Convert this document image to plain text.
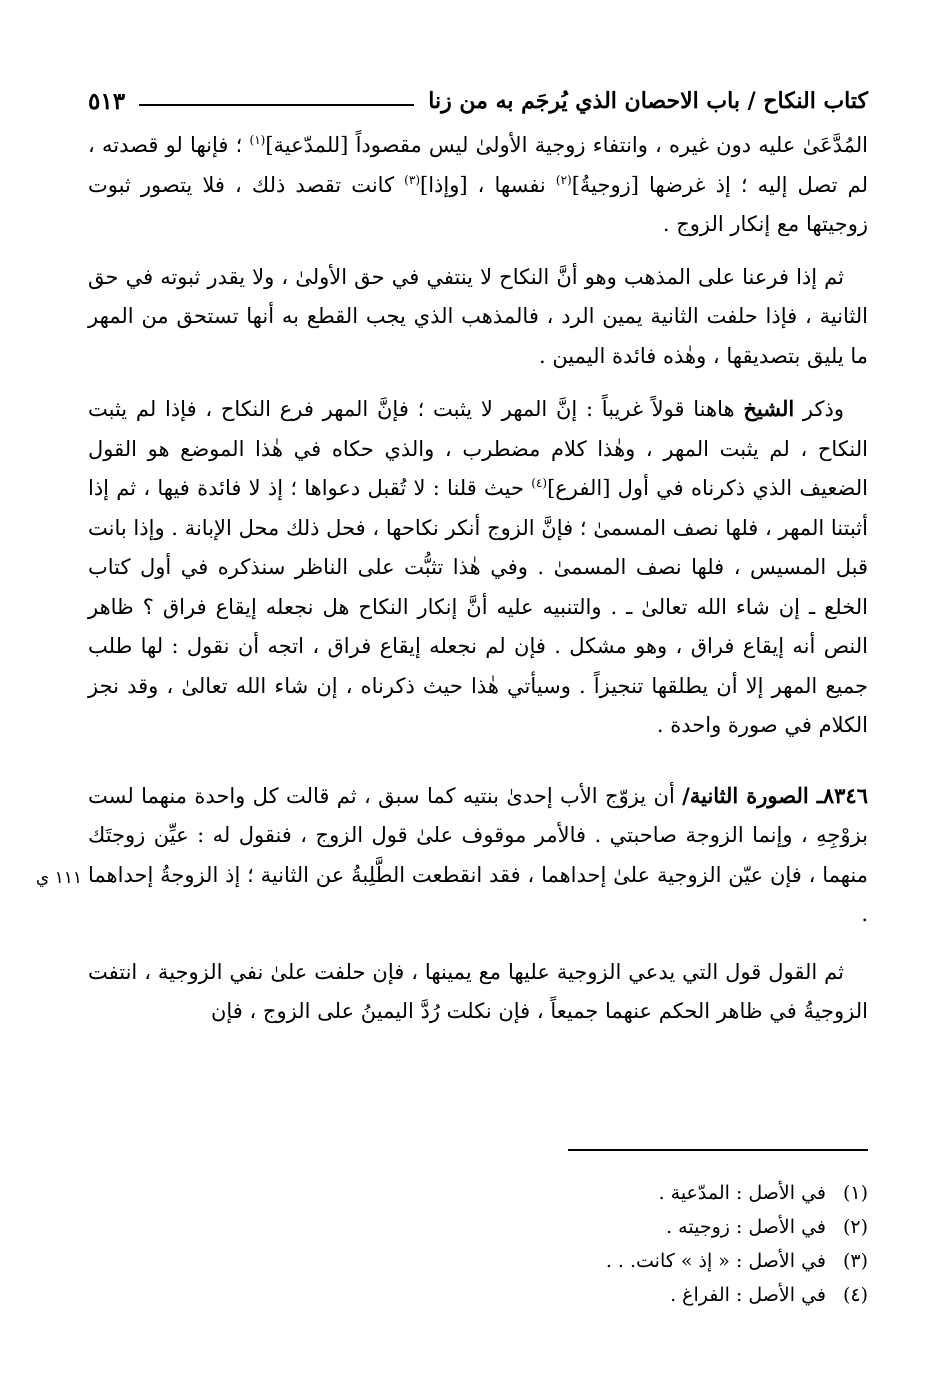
كتاب النكاح / باب الاحصان الذي يُرجَم به من زنا
٥١٣
١١١ ي

المُدَّعَىٰ عليه دون غيره ، وانتفاء زوجية الأولىٰ ليس مقصوداً [للمدّعية]$^{(١)}$ ؛ فإنها لو قصدته ، لم تصل إليه ؛ إذ غرضها [زوجيةُ]$^{(٢)}$ نفسها ، [وإذا]$^{(٣)}$ كانت تقصد ذلك ، فلا يتصور ثبوت زوجيتها مع إنكار الزوج .

ثم إذا فرعنا على المذهب وهو أنَّ النكاح لا ينتفي في حق الأولىٰ ، ولا يقدر ثبوته في حق الثانية ، فإذا حلفت الثانية يمين الرد ، فالمذهب الذي يجب القطع به أنها تستحق من المهر ما يليق بتصديقها ، وهٰذه فائدة اليمين .

وذكر الشيخ هاهنا قولاً غريباً : إنَّ المهر لا يثبت ؛ فإنَّ المهر فرع النكاح ، فإذا لم يثبت النكاح ، لم يثبت المهر ، وهٰذا كلام مضطرب ، والذي حكاه في هٰذا الموضع هو القول الضعيف الذي ذكرناه في أول [الفرع]$^{(٤)}$ حيث قلنا : لا تُقبل دعواها ؛ إذ لا فائدة فيها ، ثم إذا أثبتنا المهر ، فلها نصف المسمىٰ ؛ فإنَّ الزوج أنكر نكاحها ، فحل ذلك محل الإبانة . وإذا بانت قبل المسيس ، فلها نصف المسمىٰ . وفي هٰذا تثبُّت على الناظر سنذكره في أول كتاب الخلع ـ إن شاء الله تعالىٰ ـ . والتنبيه عليه أنَّ إنكار النكاح هل نجعله إيقاع فراق ؟ ظاهر النص أنه إيقاع فراق ، وهو مشكل . فإن لم نجعله إيقاع فراق ، اتجه أن نقول : لها طلب جميع المهر إلا أن يطلقها تنجيزاً . وسيأتي هٰذا حيث ذكرناه ، إن شاء الله تعالىٰ ، وقد نجز الكلام في صورة واحدة .

٨٣٤٦ـ الصورة الثانية/ أن يزوّج الأب إحدىٰ بنتيه كما سبق ، ثم قالت كل واحدة منهما لست بزوْجِهِ ، وإنما الزوجة صاحبتي . فالأمر موقوف علىٰ قول الزوج ، فنقول له : عيِّن زوجتَك منهما ، فإن عيّن الزوجية علىٰ إحداهما ، فقد انقطعت الطَّلِبةُ عن الثانية ؛ إذ الزوجةُ إحداهما .

ثم القول قول التي يدعي الزوجية عليها مع يمينها ، فإن حلفت علىٰ نفي الزوجية ، انتفت الزوجيةُ في ظاهر الحكم عنهما جميعاً ، فإن نكلت رُدَّ اليمينُ على الزوج ، فإن

(١)
في الأصل : المدّعية .
(٢)
في الأصل : زوجيته .
(٣)
في الأصل : « إذ » كانت. . .
(٤)
في الأصل : الفراغ .
